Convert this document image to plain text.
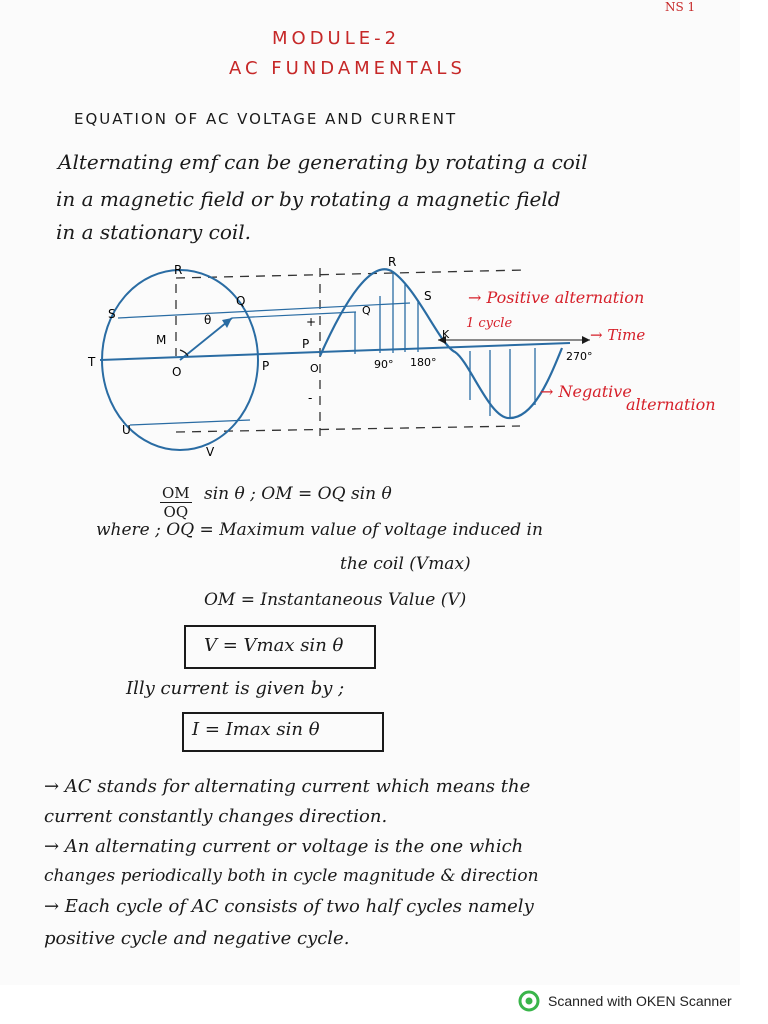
NS 1
MODULE-2
AC FUNDAMENTALS
EQUATION OF AC VOLTAGE AND CURRENT
Alternating emf can be generating by rotating a coil
in a magnetic field or by rotating a magnetic field
in a stationary coil.
R
S
Q
M
θ
T
O	P
U
V
R
Q
S
K
P
O
+
-
90° 180°	270°
→ Positive alternation
1 cycle
→ Time
→ Negative
alternation
$\frac{OM}{OQ}$ sin θ ; OM = OQ sin θ
where ; OQ = Maximum value of voltage induced in
the coil (Vmax)
OM = Instantaneous Value (V)
V = Vmax sin θ
Illy current is given by ;
I = Imax sin θ
→ AC stands for alternating current which means the
current constantly changes direction.
→ An alternating current or voltage is the one which
changes periodically both in cycle magnitude & direction
→ Each cycle of AC consists of two half cycles namely
positive cycle and negative cycle.
Scanned with OKEN Scanner
